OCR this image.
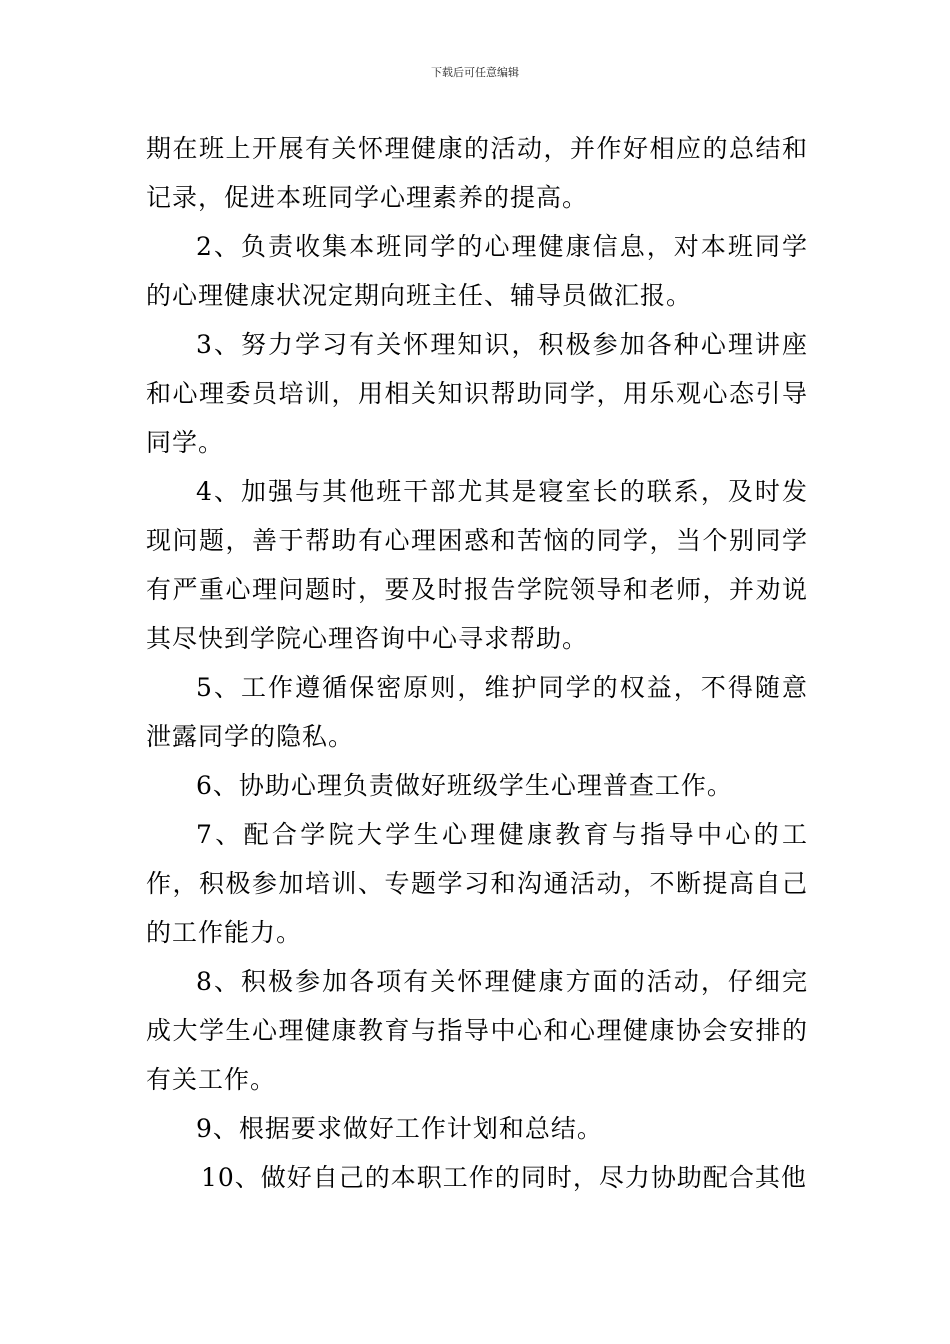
下载后可任意编辑

期在班上开展有关怀理健康的活动，并作好相应的总结和记录，促进本班同学心理素养的提高。

2、负责收集本班同学的心理健康信息，对本班同学的心理健康状况定期向班主任、辅导员做汇报。

3、努力学习有关怀理知识，积极参加各种心理讲座和心理委员培训，用相关知识帮助同学，用乐观心态引导同学。

4、加强与其他班干部尤其是寝室长的联系，及时发现问题，善于帮助有心理困惑和苦恼的同学，当个别同学有严重心理问题时，要及时报告学院领导和老师，并劝说其尽快到学院心理咨询中心寻求帮助。

5、工作遵循保密原则，维护同学的权益，不得随意泄露同学的隐私。

6、协助心理负责做好班级学生心理普查工作。

7、配合学院大学生心理健康教育与指导中心的工作，积极参加培训、专题学习和沟通活动，不断提高自己的工作能力。

8、积极参加各项有关怀理健康方面的活动，仔细完成大学生心理健康教育与指导中心和心理健康协会安排的有关工作。

9、根据要求做好工作计划和总结。

10、做好自己的本职工作的同时，尽力协助配合其他
